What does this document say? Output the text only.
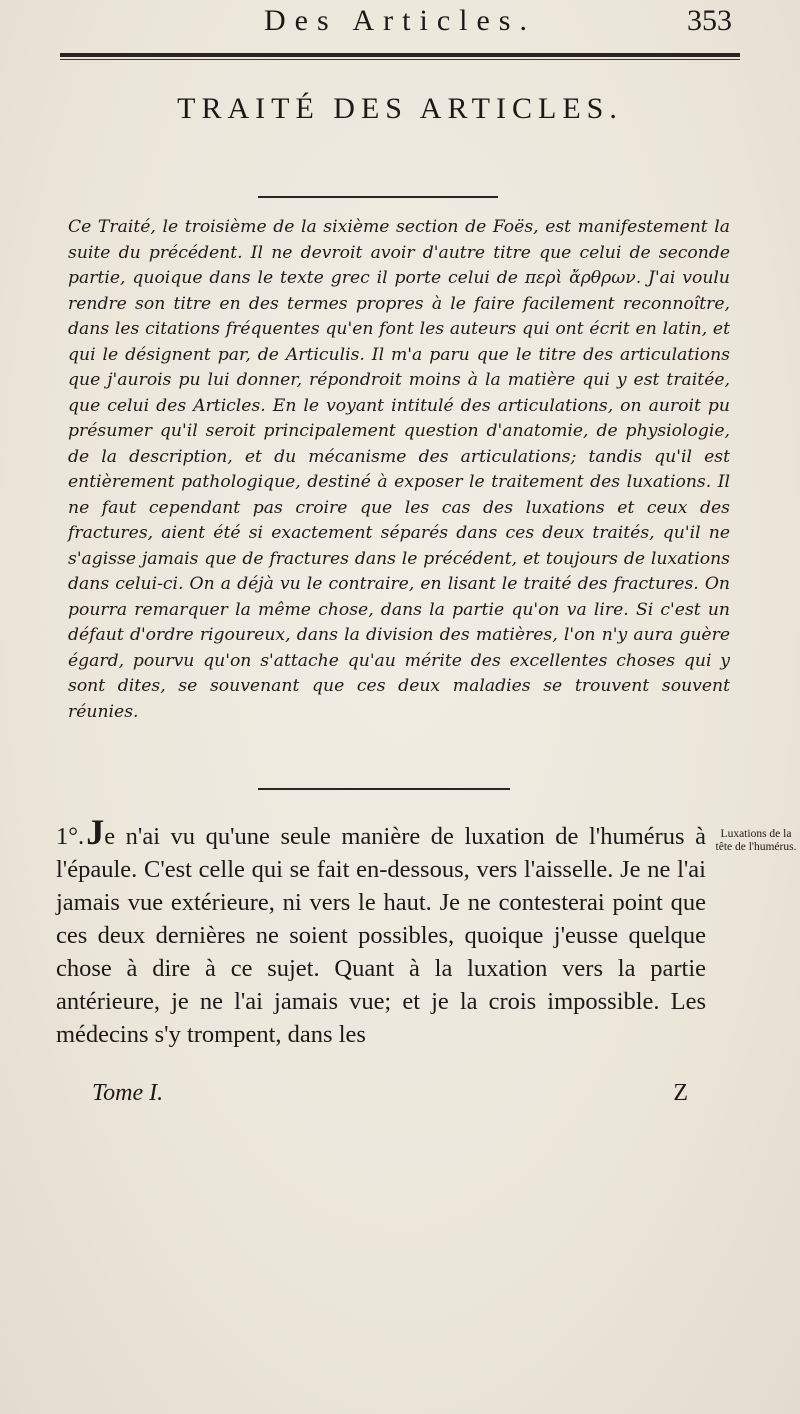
Des Articles.	353
TRAITÉ DES ARTICLES.

Ce Traité, le troisième de la sixième section de Foës, est manifestement la suite du précédent. Il ne devroit avoir d'autre titre que celui de seconde partie, quoique dans le texte grec il porte celui de περὶ ἄρθρων. J'ai voulu rendre son titre en des termes propres à le faire facilement reconnoître, dans les citations fréquentes qu'en font les auteurs qui ont écrit en latin, et qui le désignent par, de Articulis. Il m'a paru que le titre des articulations que j'aurois pu lui donner, répondroit moins à la matière qui y est traitée, que celui des Articles. En le voyant intitulé des articulations, on auroit pu présumer qu'il seroit principalement question d'anatomie, de physiologie, de la description, et du mécanisme des articulations; tandis qu'il est entièrement pathologique, destiné à exposer le traitement des luxations. Il ne faut cependant pas croire que les cas des luxations et ceux des fractures, aient été si exactement séparés dans ces deux traités, qu'il ne s'agisse jamais que de fractures dans le précédent, et toujours de luxations dans celui-ci. On a déjà vu le contraire, en lisant le traité des fractures. On pourra remarquer la même chose, dans la partie qu'on va lire. Si c'est un défaut d'ordre rigoureux, dans la division des matières, l'on n'y aura guère égard, pourvu qu'on s'attache qu'au mérite des excellentes choses qui y sont dites, se souvenant que ces deux maladies se trouvent souvent réunies.

1°. Je n'ai vu qu'une seule manière de luxation de l'humérus à l'épaule. C'est celle qui se fait en-dessous, vers l'aisselle. Je ne l'ai jamais vue extérieure, ni vers le haut. Je ne contesterai point que ces deux dernières ne soient possibles, quoique j'eusse quelque chose à dire à ce sujet. Quant à la luxation vers la partie antérieure, je ne l'ai jamais vue; et je la crois impossible. Les médecins s'y trompent, dans les

Luxations de la tête de l'humérus.
Tome I.	Z
